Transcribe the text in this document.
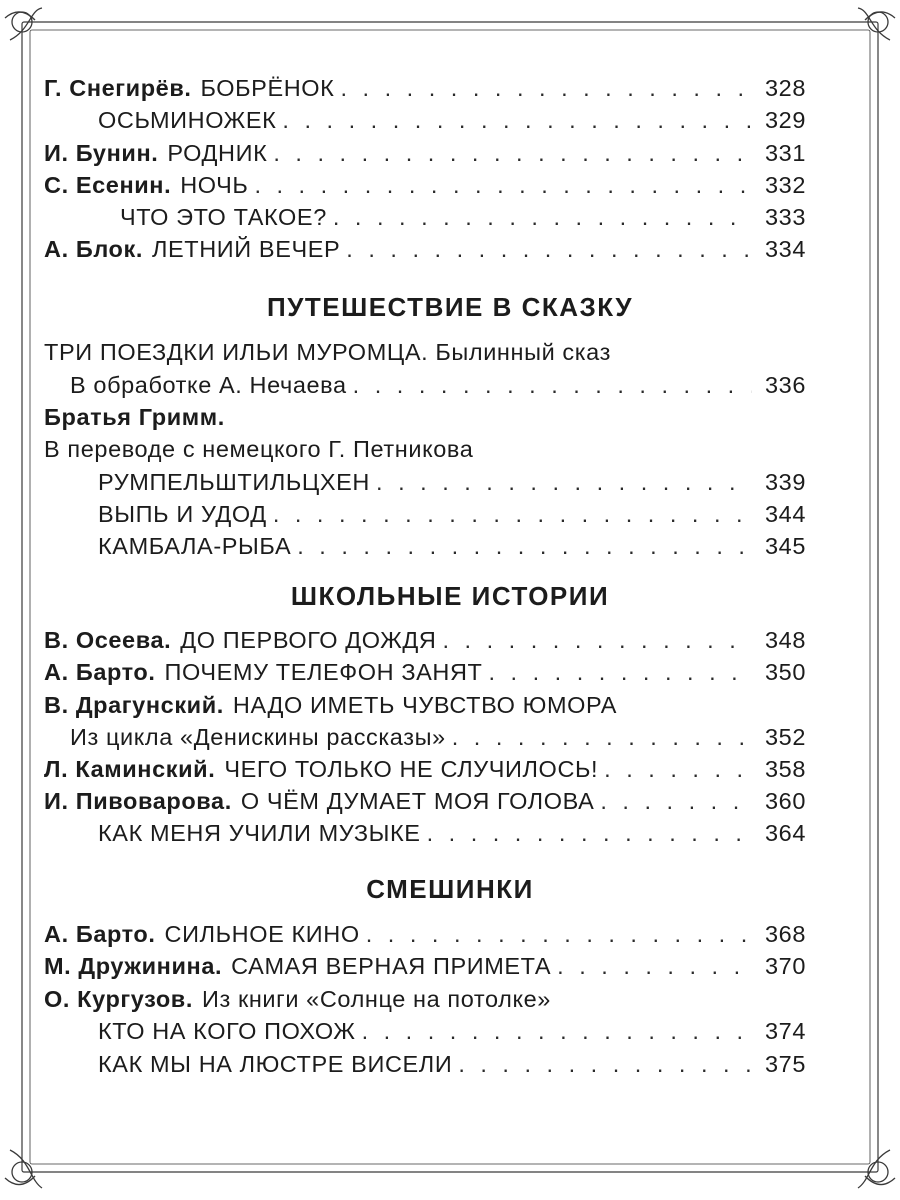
Г. Снегирёв. БОБРЁНОК . . .	328
ОСЬМИНОЖЕК . . .	329
И. Бунин. РОДНИК . . .	331
С. Есенин. НОЧЬ . . .	332
ЧТО ЭТО ТАКОЕ? . . .	333
А. Блок. ЛЕТНИЙ ВЕЧЕР . . .	334
ПУТЕШЕСТВИЕ В СКАЗКУ
ТРИ ПОЕЗДКИ ИЛЬИ МУРОМЦА. Былинный сказ
В обработке А. Нечаева . . .	336
Братья Гримм.
В переводе с немецкого Г. Петникова
РУМПЕЛЬШТИЛЬЦХЕН . . .	339
ВЫПЬ И УДОД . . .	344
КАМБАЛА-РЫБА . . .	345
ШКОЛЬНЫЕ ИСТОРИИ
В. Осеева. ДО ПЕРВОГО ДОЖДЯ . . .	348
А. Барто. ПОЧЕМУ ТЕЛЕФОН ЗАНЯТ . . .	350
В. Драгунский. НАДО ИМЕТЬ ЧУВСТВО ЮМОРА
Из цикла «Денискины рассказы» . . .	352
Л. Каминский. ЧЕГО ТОЛЬКО НЕ СЛУЧИЛОСЬ! . . .	358
И. Пивоварова. О ЧЁМ ДУМАЕТ МОЯ ГОЛОВА . . .	360
КАК МЕНЯ УЧИЛИ МУЗЫКЕ . . .	364
СМЕШИНКИ
А. Барто. СИЛЬНОЕ КИНО . . .	368
М. Дружинина. САМАЯ ВЕРНАЯ ПРИМЕТА . . .	370
О. Кургузов. Из книги «Солнце на потолке»
КТО НА КОГО ПОХОЖ . . .	374
КАК МЫ НА ЛЮСТРЕ ВИСЕЛИ . . .	375
